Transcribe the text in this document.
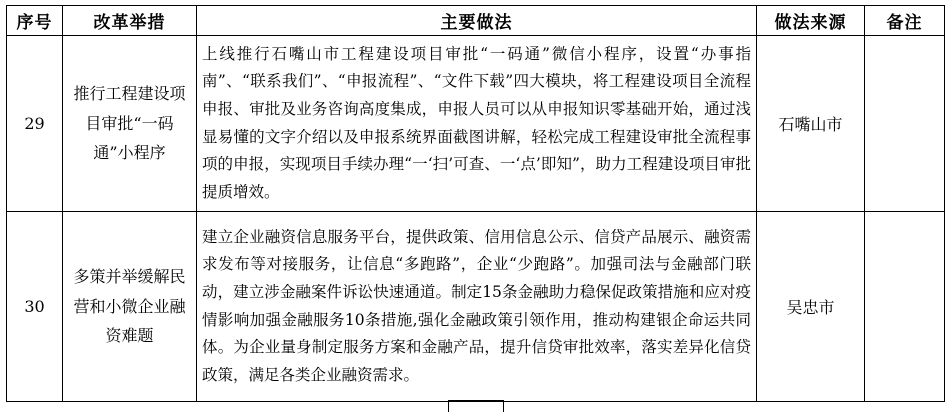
序号	改革举措	主要做法	做法来源	备注
29	推行工程建设项目审批“一码通”小程序	上线推行石嘴山市工程建设项目审批“一码通”微信小程序，设置“办事指南”、“联系我们”、“申报流程”、“文件下载”四大模块，将工程建设项目全流程申报、审批及业务咨询高度集成，申报人员可以从申报知识零基础开始，通过浅显易懂的文字介绍以及申报系统界面截图讲解，轻松完成工程建设审批全流程事项的申报，实现项目手续办理“一‘扫’可查、一‘点’即知”，助力工程建设项目审批提质增效。	石嘴山市	
30	多策并举缓解民营和小微企业融资难题	建立企业融资信息服务平台，提供政策、信用信息公示、信贷产品展示、融资需求发布等对接服务，让信息“多跑路”，企业“少跑路”。加强司法与金融部门联动，建立涉金融案件诉讼快速通道。制定15条金融助力稳保促政策措施和应对疫情影响加强金融服务10条措施,强化金融政策引领作用，推动构建银企命运共同体。为企业量身制定服务方案和金融产品，提升信贷审批效率，落实差异化信贷政策，满足各类企业融资需求。	吴忠市	
